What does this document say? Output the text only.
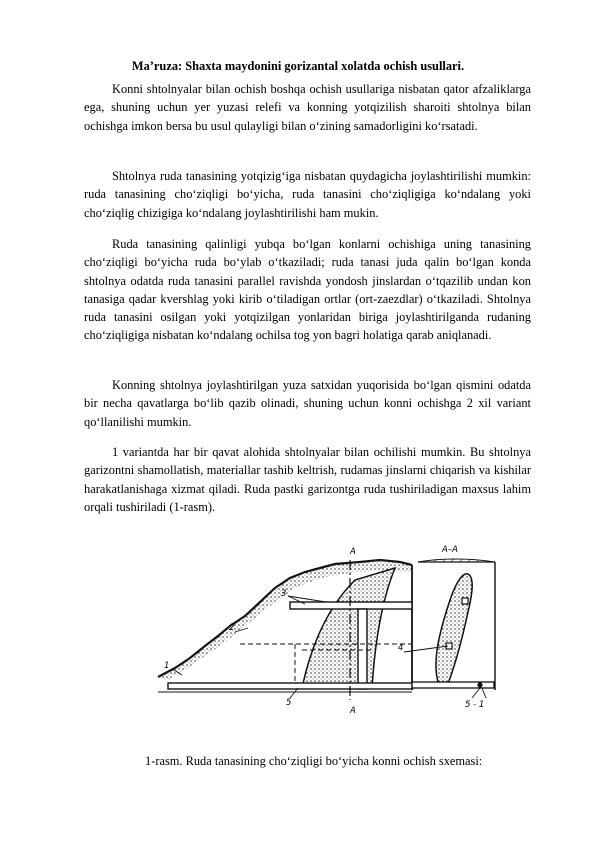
Ma’ruza: Shaxta maydonini gorizantal xolatda ochish usullari.

Konni shtolnyalar bilan ochish boshqa ochish usullariga nisbatan qator afzaliklarga ega, shuning uchun yer yuzasi relefi va konning yotqizilish sharoiti shtolnya bilan ochishga imkon bersa bu usul qulayligi bilan o‘zining samadorligini ko‘rsatadi.

Shtolnya ruda tanasining yotqizig‘iga nisbatan quydagicha joylashtirilishi mumkin: ruda tanasining cho‘ziqligi bo‘yicha, ruda tanasini cho‘ziqligiga ko‘ndalang yoki cho‘ziqlig chizigiga ko‘ndalang joylashtirilishi ham mukin.

Ruda tanasining qalinligi yubqa bo‘lgan konlarni ochishiga uning tanasining cho‘ziqligi bo‘yicha ruda bo‘ylab o‘tkaziladi; ruda tanasi juda qalin bo‘lgan konda shtolnya odatda ruda tanasini parallel ravishda yondosh jinslardan o‘tqazilib undan kon tanasiga qadar kvershlag yoki kirib o‘tiladigan ortlar (ort-zaezdlar) o‘tkaziladi. Shtolnya ruda tanasini osilgan yoki yotqizilgan yonlaridan biriga joylashtirilganda rudaning cho‘ziqligiga nisbatan ko‘ndalang ochilsa tog yon bagri holatiga qarab aniqlanadi.

Konning shtolnya joylashtirilgan yuza satxidan yuqorisida bo‘lgan qismini odatda bir necha qavatlarga bo‘lib qazib olinadi, shuning uchun konni ochishga 2 xil variant qo‘llanilishi mumkin.

1 variantda har bir qavat alohida shtolnyalar bilan ochilishi mumkin. Bu shtolnya garizontni shamollatish, materiallar tashib keltrish, rudamas jinslarni chiqarish va kishilar harakatlanishaga xizmat qiladi. Ruda pastki garizontga ruda tushiriladigan maxsus lahim orqali tushiriladi (1-rasm).

1
2
3
5
A
A
A–A
4
5 - 1
1-rasm. Ruda tanasining cho‘ziqligi bo‘yicha konni ochish sxemasi:
